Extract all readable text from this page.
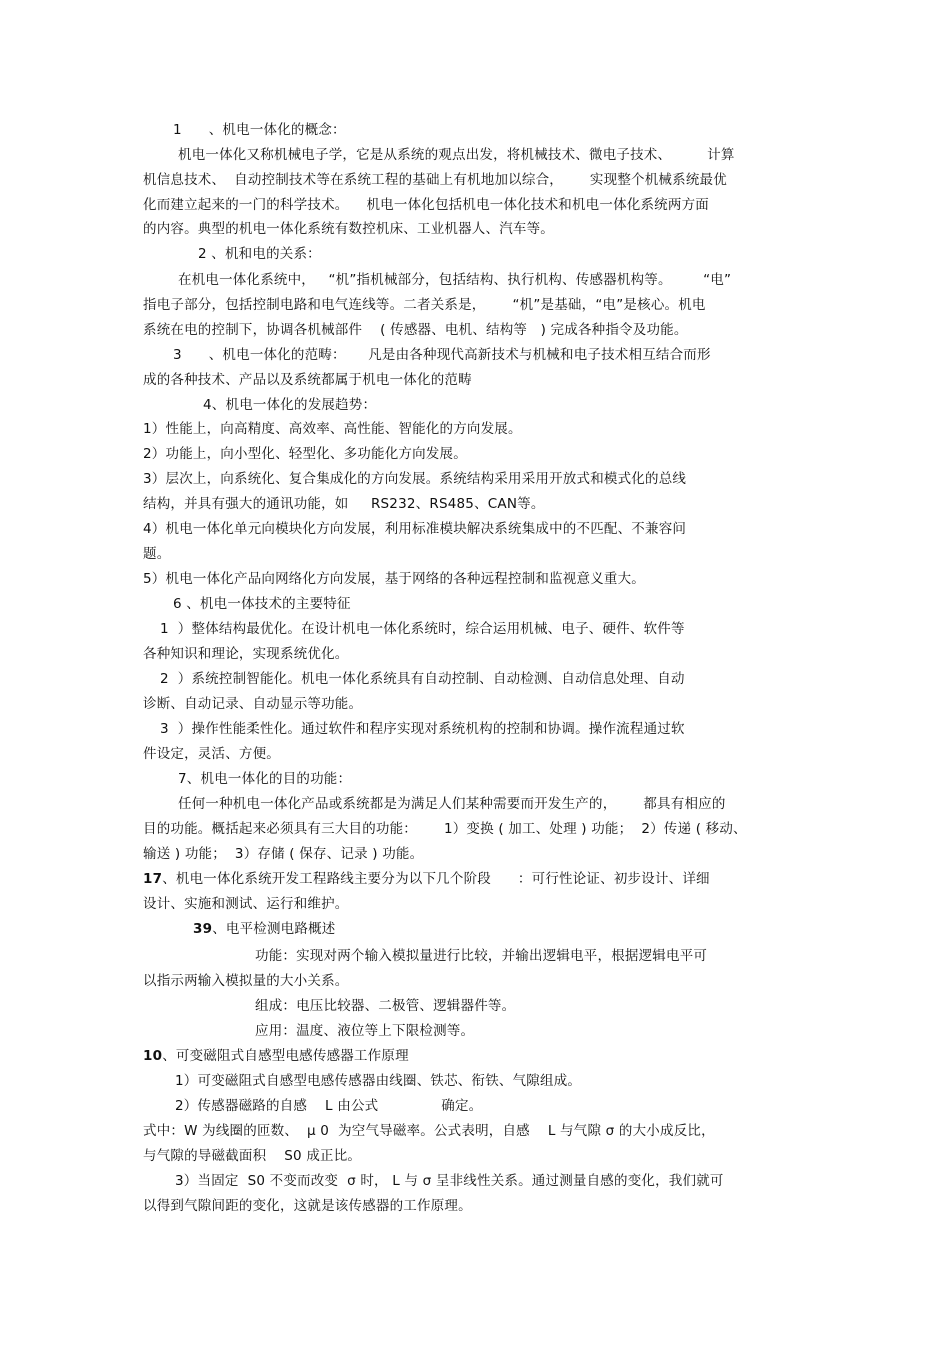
1      、机电一体化的概念：
机电一体化又称机械电子学，它是从系统的观点出发，将机械技术、微电子技术、        计算
机信息技术、  自动控制技术等在系统工程的基础上有机地加以综合，      实现整个机械系统最优
化而建立起来的一门的科学技术。    机电一体化包括机电一体化技术和机电一体化系统两方面
的内容。典型的机电一体化系统有数控机床、工业机器人、汽车等。
2 、机和电的关系：
在机电一体化系统中，   “机”指机械部分，包括结构、执行机构、传感器机构等。       “电”
指电子部分，包括控制电路和电气连线等。二者关系是，      “机”是基础，“电”是核心。机电
系统在电的控制下，协调各机械部件    ( 传感器、电机、结构等   ) 完成各种指令及功能。
3      、机电一体化的范畴：     凡是由各种现代高新技术与机械和电子技术相互结合而形
成的各种技术、产品以及系统都属于机电一体化的范畴
4、机电一体化的发展趋势：
1）性能上，向高精度、高效率、高性能、智能化的方向发展。
2）功能上，向小型化、轻型化、多功能化方向发展。
3）层次上，向系统化、复合集成化的方向发展。系统结构采用采用开放式和模式化的总线
结构，并具有强大的通讯功能，如     RS232、RS485、CAN等。
4）机电一体化单元向模块化方向发展，利用标准模块解决系统集成中的不匹配、不兼容问
题。
5）机电一体化产品向网络化方向发展，基于网络的各种远程控制和监视意义重大。
6 、机电一体技术的主要特征
1  ）整体结构最优化。在设计机电一体化系统时，综合运用机械、电子、硬件、软件等
各种知识和理论，实现系统优化。
2  ）系统控制智能化。机电一体化系统具有自动控制、自动检测、自动信息处理、自动
诊断、自动记录、自动显示等功能。
3  ）操作性能柔性化。通过软件和程序实现对系统机构的控制和协调。操作流程通过软
件设定，灵活、方便。
7、机电一体化的目的功能：
任何一种机电一体化产品或系统都是为满足人们某种需要而开发生产的，      都具有相应的
目的功能。概括起来必须具有三大目的功能：      1）变换 ( 加工、处理 ) 功能；  2）传递 ( 移动、
输送 ) 功能；  3）存储 ( 保存、记录 ) 功能。
17、机电一体化系统开发工程路线主要分为以下几个阶段      ：可行性论证、初步设计、详细
设计、实施和测试、运行和维护。
39、电平检测电路概述
功能：实现对两个输入模拟量进行比较，并输出逻辑电平，根据逻辑电平可
以指示两输入模拟量的大小关系。
组成：电压比较器、二极管、逻辑器件等。
应用：温度、液位等上下限检测等。
10、可变磁阻式自感型电感传感器工作原理
1）可变磁阻式自感型电感传感器由线圈、铁芯、衔铁、气隙组成。
2）传感器磁路的自感    L 由公式              确定。
式中：W 为线圈的匝数、  μ 0  为空气导磁率。公式表明，自感    L 与气隙 σ 的大小成反比，
与气隙的导磁截面积    S0 成正比。
3）当固定  S0 不变而改变  σ 时， L 与 σ 呈非线性关系。通过测量自感的变化，我们就可
以得到气隙间距的变化，这就是该传感器的工作原理。
